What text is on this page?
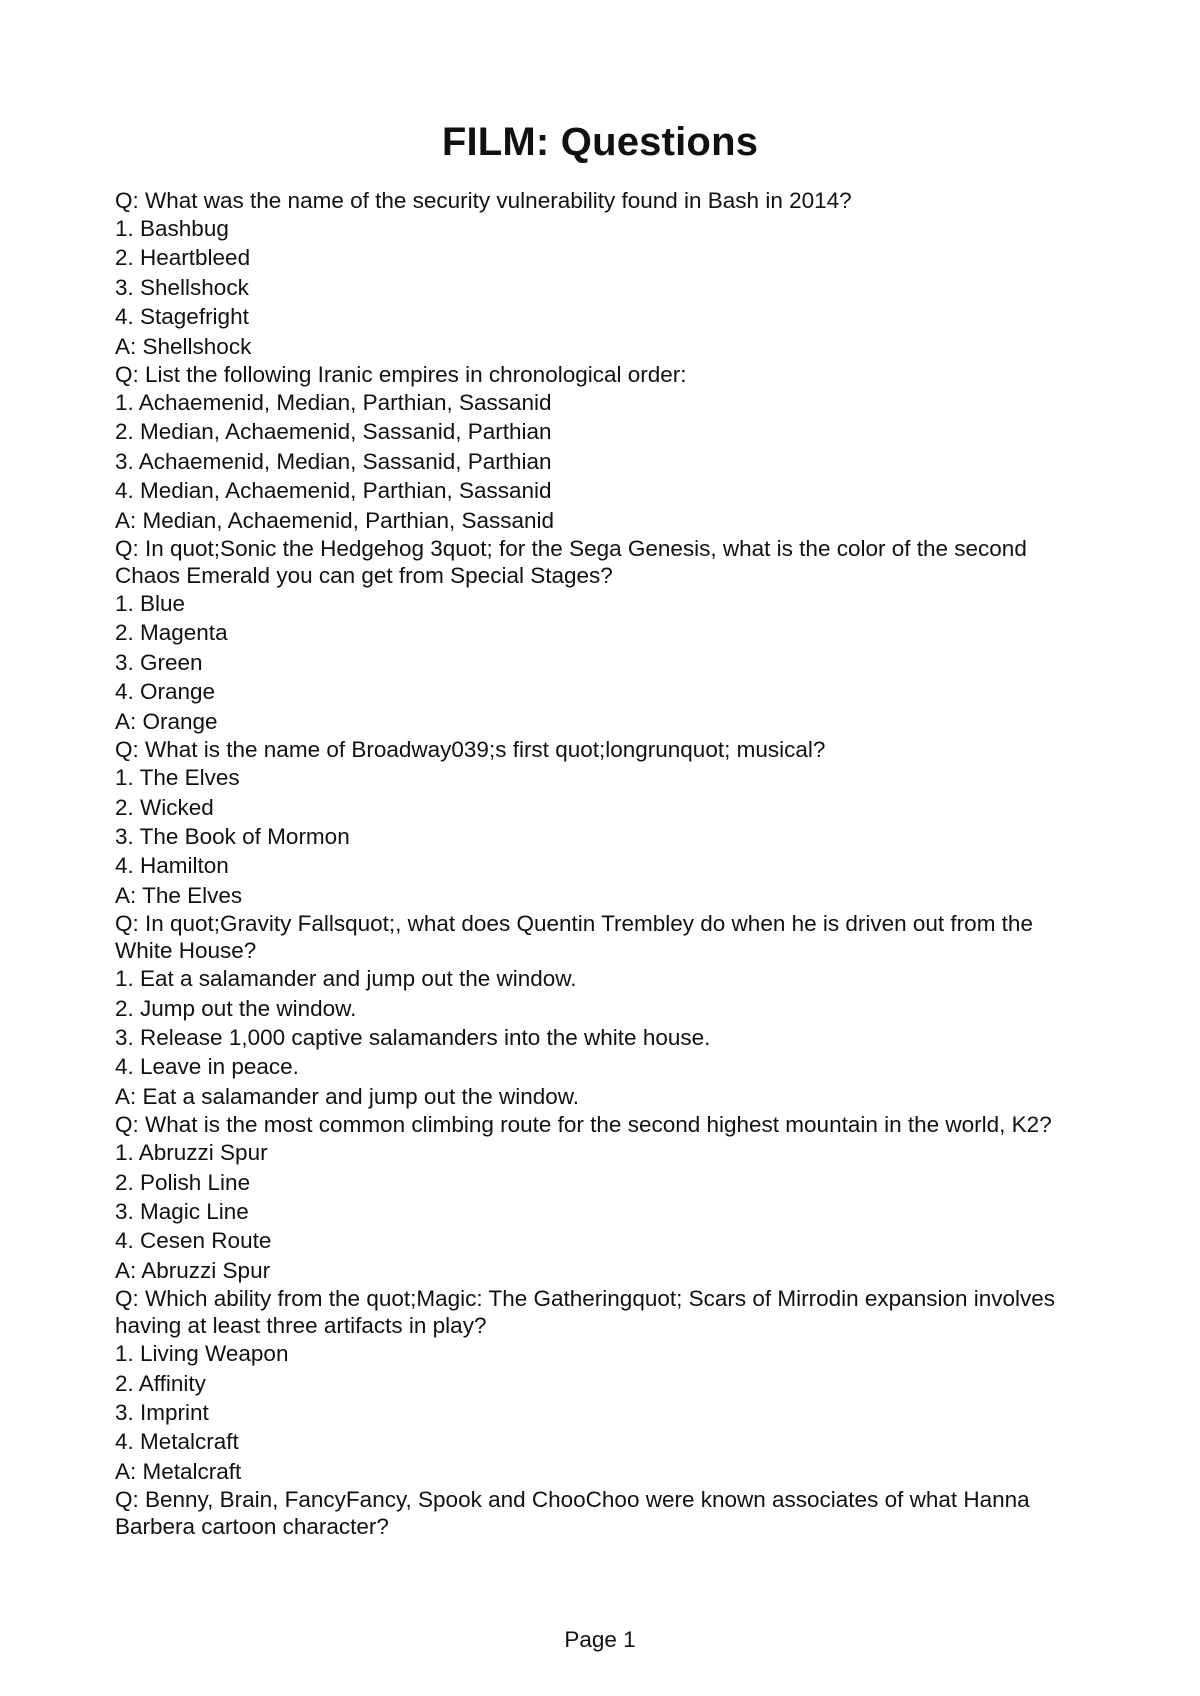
FILM: Questions
Q: What was the name of the security vulnerability found in Bash in 2014?
1. Bashbug
2. Heartbleed
3. Shellshock
4. Stagefright
A: Shellshock
Q: List the following Iranic empires in chronological order:
1. Achaemenid, Median, Parthian, Sassanid
2. Median, Achaemenid, Sassanid, Parthian
3. Achaemenid, Median, Sassanid, Parthian
4. Median, Achaemenid, Parthian, Sassanid
A: Median, Achaemenid, Parthian, Sassanid
Q: In quot;Sonic the Hedgehog 3quot; for the Sega Genesis, what is the color of the second Chaos Emerald you can get from Special Stages?
1. Blue
2. Magenta
3. Green
4. Orange
A: Orange
Q: What is the name of Broadway039;s first quot;longrunquot; musical?
1. The Elves
2. Wicked
3. The Book of Mormon
4. Hamilton
A: The Elves
Q: In quot;Gravity Fallsquot;, what does Quentin Trembley do when he is driven out from the White House?
1. Eat a salamander and jump out the window.
2. Jump out the window.
3. Release 1,000 captive salamanders into the white house.
4. Leave in peace.
A: Eat a salamander and jump out the window.
Q: What is the most common climbing route for the second highest mountain in the world, K2?
1. Abruzzi Spur
2. Polish Line
3. Magic Line
4. Cesen Route
A: Abruzzi Spur
Q: Which ability from the quot;Magic: The Gatheringquot; Scars of Mirrodin expansion involves having at least three artifacts in play?
1. Living Weapon
2. Affinity
3. Imprint
4. Metalcraft
A: Metalcraft
Q: Benny, Brain, FancyFancy, Spook and ChooChoo were known associates of what Hanna Barbera cartoon character?
Page 1
